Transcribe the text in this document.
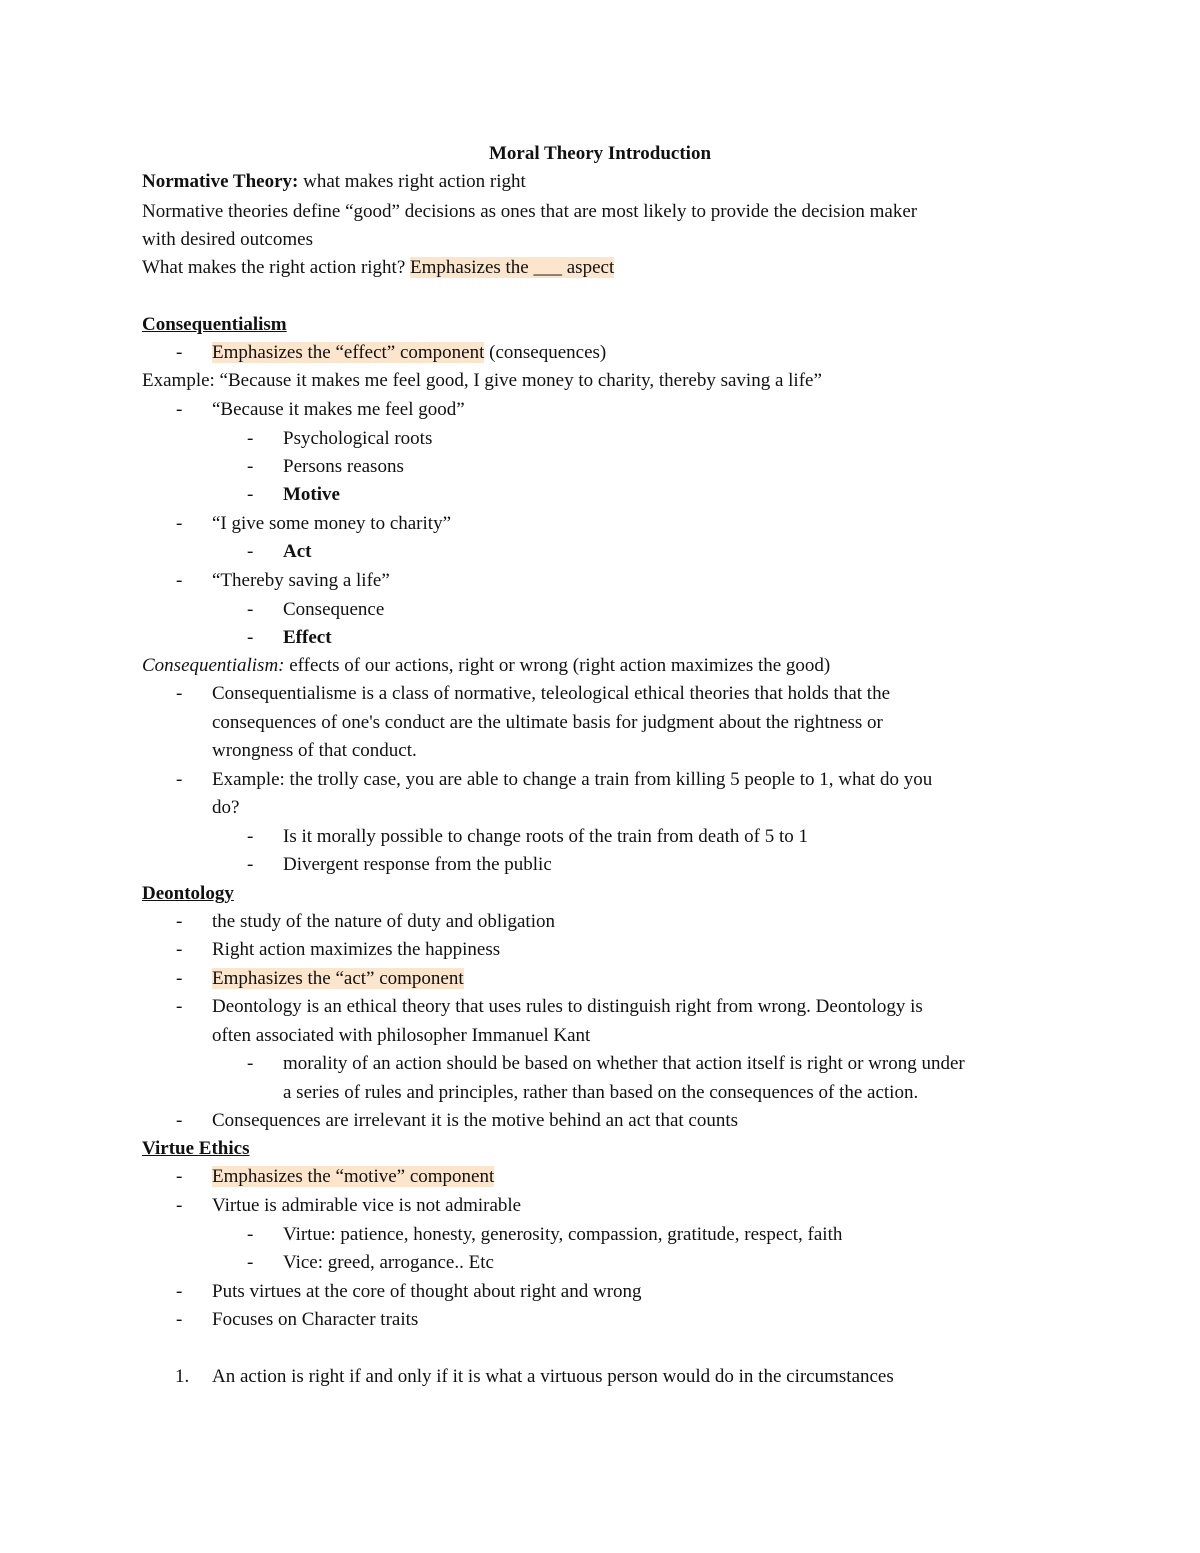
Moral Theory Introduction
Normative Theory: what makes right action right
Normative theories define “good” decisions as ones that are most likely to provide the decision maker
with desired outcomes
What makes the right action right? Emphasizes the ___ aspect
Consequentialism
- Emphasizes the “effect” component (consequences)
Example: “Because it makes me feel good, I give money to charity, thereby saving a life”
- “Because it makes me feel good”
- Psychological roots
- Persons reasons
- Motive
- “I give some money to charity”
- Act
- “Thereby saving a life”
- Consequence
- Effect
Consequentialism: effects of our actions, right or wrong (right action maximizes the good)
- Consequentialisme is a class of normative, teleological ethical theories that holds that the
consequences of one's conduct are the ultimate basis for judgment about the rightness or
wrongness of that conduct.
- Example: the trolly case, you are able to change a train from killing 5 people to 1, what do you
do?
- Is it morally possible to change roots of the train from death of 5 to 1
- Divergent response from the public
Deontology
- the study of the nature of duty and obligation
- Right action maximizes the happiness
- Emphasizes the “act” component
- Deontology is an ethical theory that uses rules to distinguish right from wrong. Deontology is
often associated with philosopher Immanuel Kant
- morality of an action should be based on whether that action itself is right or wrong under
a series of rules and principles, rather than based on the consequences of the action.
- Consequences are irrelevant it is the motive behind an act that counts
Virtue Ethics
- Emphasizes the “motive” component
- Virtue is admirable vice is not admirable
- Virtue: patience, honesty, generosity, compassion, gratitude, respect, faith
- Vice: greed, arrogance.. Etc
- Puts virtues at the core of thought about right and wrong
- Focuses on Character traits
1. An action is right if and only if it is what a virtuous person would do in the circumstances
